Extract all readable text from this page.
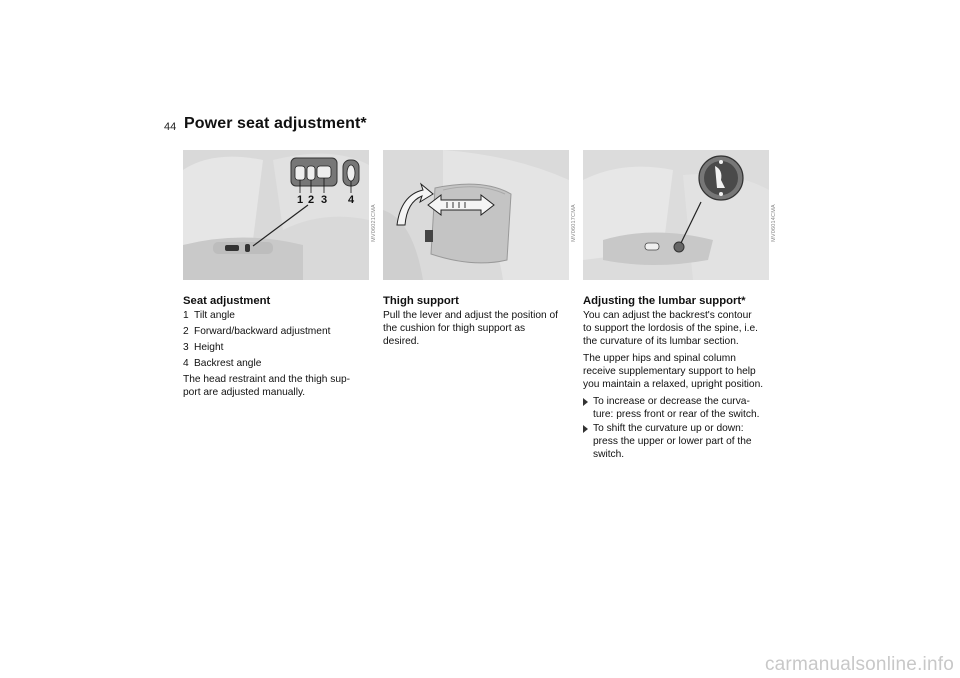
44 Power seat adjustment*
1 2 3 4
MV06021CMA	MV06017CMA	MV06014CMA
Seat adjustment
1 Tilt angle
2 Forward/backward adjustment
3 Height
4 Backrest angle

The head restraint and the thigh sup-
port are adjusted manually.

Thigh support

Pull the lever and adjust the position of
the cushion for thigh support as
desired.

Adjusting the lumbar support*

You can adjust the backrest's contour
to support the lordosis of the spine, i.e.
the curvature of its lumbar section.

The upper hips and spinal column
receive supplementary support to help
you maintain a relaxed, upright position.

To increase or decrease the curva-
ture: press front or rear of the switch.
To shift the curvature up or down:
press the upper or lower part of the
switch.
carmanualsonline.info
